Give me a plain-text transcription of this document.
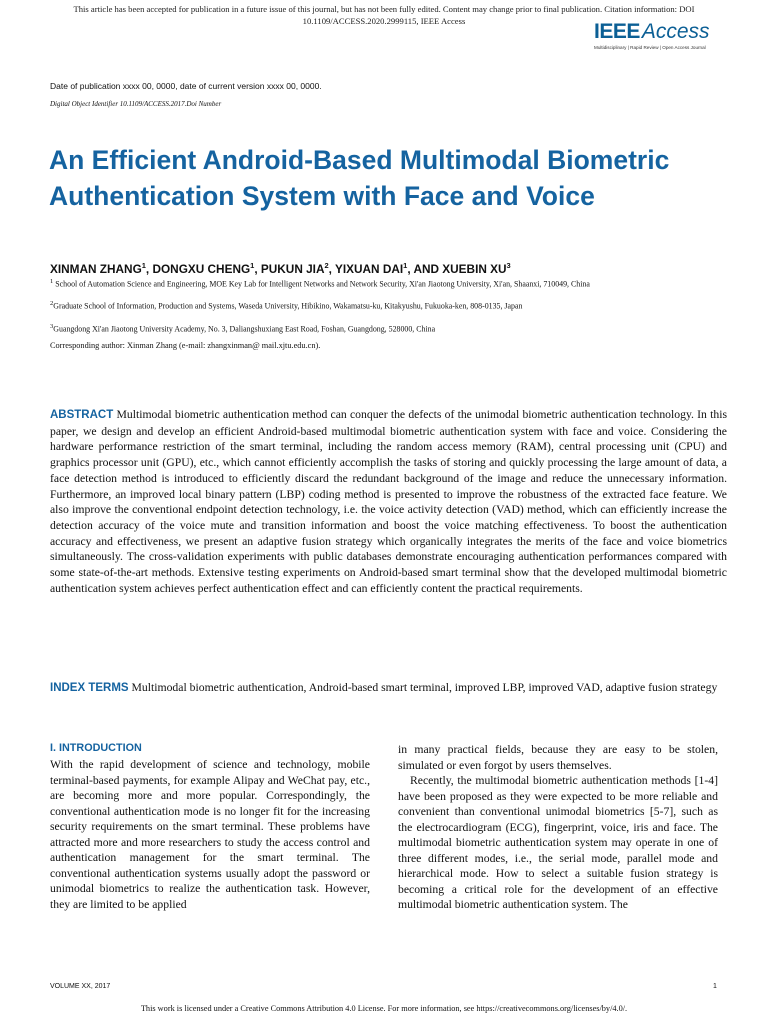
This article has been accepted for publication in a future issue of this journal, but has not been fully edited. Content may change prior to final publication. Citation information: DOI
10.1109/ACCESS.2020.2999115, IEEE Access	IEEEAccess
Multidisciplinary | Rapid Review | Open Access Journal
Date of publication xxxx 00, 0000, date of current version xxxx 00, 0000.
Digital Object Identifier 10.1109/ACCESS.2017.Doi Number
An Efficient Android-Based Multimodal Biometric Authentication System with Face and Voice
XINMAN ZHANG$^1$, DONGXU CHENG$^1$, PUKUN JIA$^2$, YIXUAN DAI$^1$, AND XUEBIN $XU^3$
$^1$ School of Automation Science and Engineering, MOE Key Lab for Intelligent Networks and Network Security, Xi'an Jiaotong University, Xi'an, Shaanxi, 710049, China
$^2$Graduate School of Information, Production and Systems, Waseda University, Hibikino, Wakamatsu-ku, Kitakyushu, Fukuoka-ken, 808-0135, Japan
$^3$Guangdong Xi'an Jiaotong University Academy, No. 3, Daliangshuxiang East Road, Foshan, Guangdong, 528000, China
Corresponding author: Xinman Zhang (e-mail: zhangxinman@ mail.xjtu.edu.cn).
ABSTRACT Multimodal biometric authentication method can conquer the defects of the unimodal biometric authentication technology. In this paper, we design and develop an efficient Android-based multimodal biometric authentication system with face and voice. Considering the hardware performance restriction of the smart terminal, including the random access memory (RAM), central processing unit (CPU) and graphics processor unit (GPU), etc., which cannot efficiently accomplish the tasks of storing and quickly processing the large amount of data, a face detection method is introduced to efficiently discard the redundant background of the image and reduce the unnecessary information. Furthermore, an improved local binary pattern (LBP) coding method is presented to improve the robustness of the extracted face feature. We also improve the conventional endpoint detection technology, i.e. the voice activity detection (VAD) method, which can efficiently increase the detection accuracy of the voice mute and transition information and boost the voice matching effectiveness. To boost the authentication accuracy and effectiveness, we present an adaptive fusion strategy which organically integrates the merits of the face and voice biometrics simultaneously. The cross-validation experiments with public databases demonstrate encouraging authentication performances compared with some state-of-the-art methods. Extensive testing experiments on Android-based smart terminal show that the developed multimodal biometric authentication system achieves perfect authentication effect and can efficiently content the practical requirements.
INDEX TERMS Multimodal biometric authentication, Android-based smart terminal, improved LBP, improved VAD, adaptive fusion strategy
I. INTRODUCTION

With the rapid development of science and technology, mobile terminal-based payments, for example Alipay and WeChat pay, etc., are becoming more and more popular. Correspondingly, the conventional authentication mode is no longer fit for the increasing security requirements on the smart terminal. These problems have attracted more and more researchers to study the access control and authentication management for the smart terminal. The conventional authentication systems usually adopt the password or unimodal biometrics to realize the authentication task. However, they are limited to be applied

in many practical fields, because they are easy to be stolen, simulated or even forgot by users themselves.

Recently, the multimodal biometric authentication methods [1-4] have been proposed as they were expected to be more reliable and convenient than conventional unimodal biometrics [5-7], such as the electrocardiogram (ECG), fingerprint, voice, iris and face. The multimodal biometric authentication system may operate in one of three different modes, i.e., the serial mode, parallel mode and hierarchical mode. How to select a suitable fusion strategy is becoming a critical role for the development of an effective multimodal biometric authentication system. The

VOLUME XX, 2017	1
This work is licensed under a Creative Commons Attribution 4.0 License. For more information, see https://creativecommons.org/licenses/by/4.0/.
